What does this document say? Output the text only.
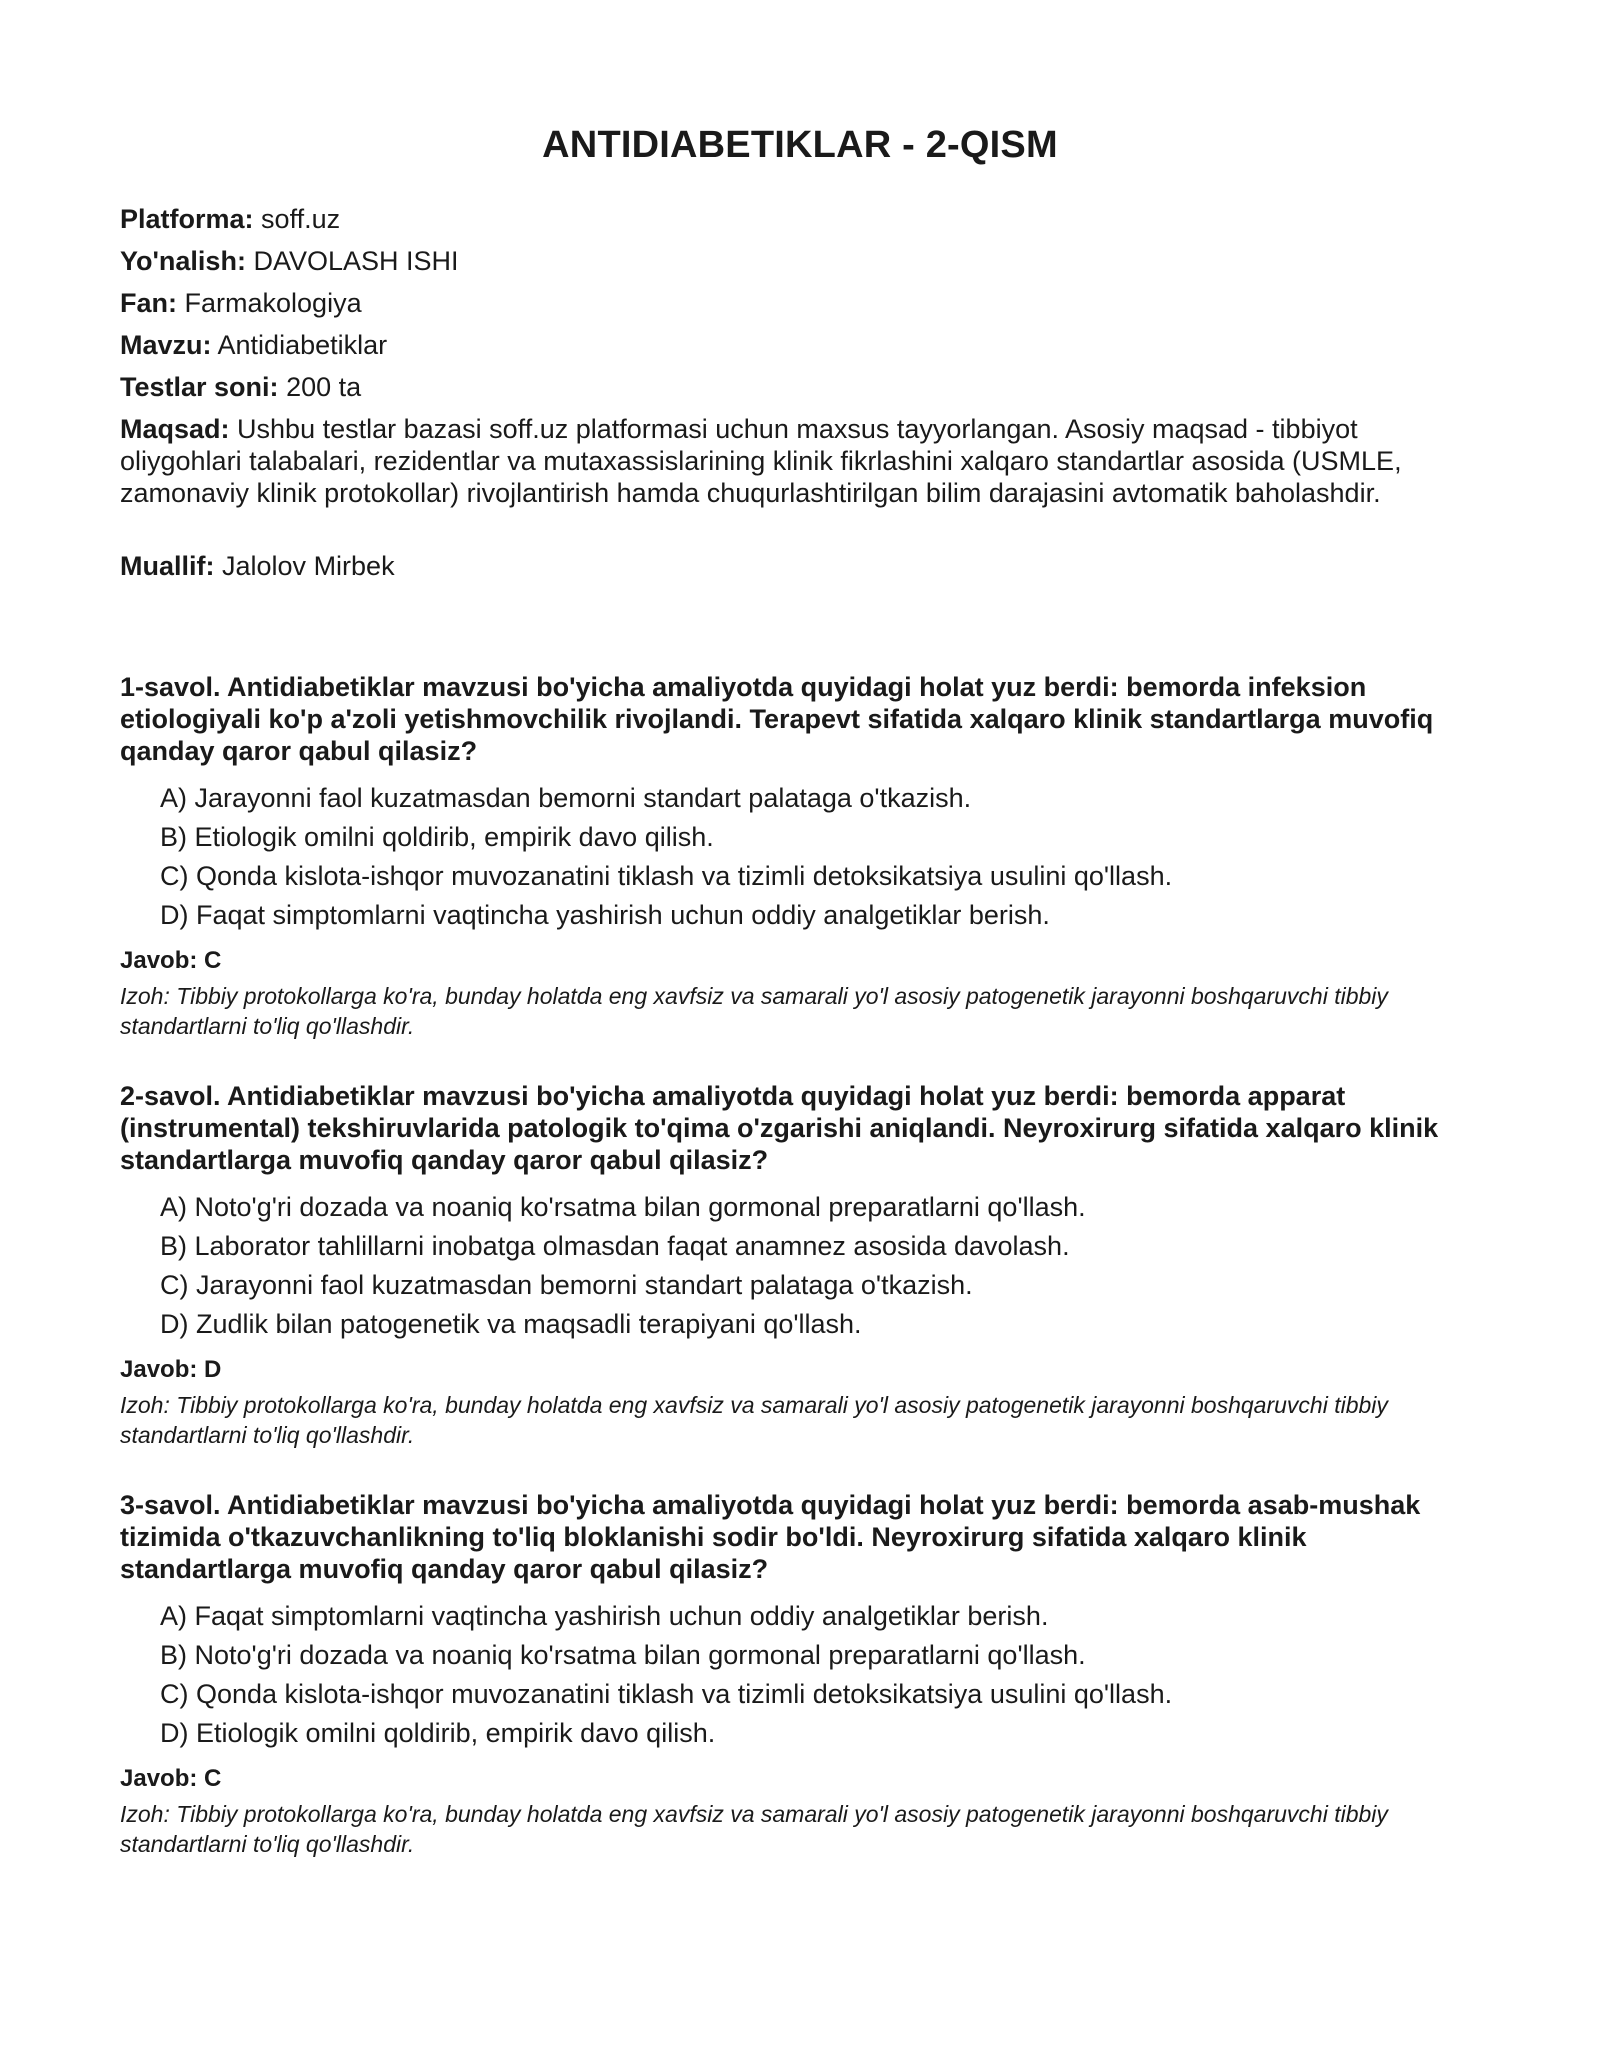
ANTIDIABETIKLAR - 2-QISM
Platforma: soff.uz
Yo'nalish: DAVOLASH ISHI
Fan: Farmakologiya
Mavzu: Antidiabetiklar
Testlar soni: 200 ta
Maqsad: Ushbu testlar bazasi soff.uz platformasi uchun maxsus tayyorlangan. Asosiy maqsad - tibbiyot oliygohlari talabalari, rezidentlar va mutaxassislarining klinik fikrlashini xalqaro standartlar asosida (USMLE, zamonaviy klinik protokollar) rivojlantirish hamda chuqurlashtirilgan bilim darajasini avtomatik baholashdir.
Muallif: Jalolov Mirbek
1-savol. Antidiabetiklar mavzusi bo'yicha amaliyotda quyidagi holat yuz berdi: bemorda infeksion etiologiyali ko'p a'zoli yetishmovchilik rivojlandi. Terapevt sifatida xalqaro klinik standartlarga muvofiq qanday qaror qabul qilasiz?
A) Jarayonni faol kuzatmasdan bemorni standart palataga o'tkazish.
B) Etiologik omilni qoldirib, empirik davo qilish.
C) Qonda kislota-ishqor muvozanatini tiklash va tizimli detoksikatsiya usulini qo'llash.
D) Faqat simptomlarni vaqtincha yashirish uchun oddiy analgetiklar berish.
Javob: C
Izoh: Tibbiy protokollarga ko'ra, bunday holatda eng xavfsiz va samarali yo'l asosiy patogenetik jarayonni boshqaruvchi tibbiy standartlarni to'liq qo'llashdir.
2-savol. Antidiabetiklar mavzusi bo'yicha amaliyotda quyidagi holat yuz berdi: bemorda apparat (instrumental) tekshiruvlarida patologik to'qima o'zgarishi aniqlandi. Neyroxirurg sifatida xalqaro klinik standartlarga muvofiq qanday qaror qabul qilasiz?
A) Noto'g'ri dozada va noaniq ko'rsatma bilan gormonal preparatlarni qo'llash.
B) Laborator tahlillarni inobatga olmasdan faqat anamnez asosida davolash.
C) Jarayonni faol kuzatmasdan bemorni standart palataga o'tkazish.
D) Zudlik bilan patogenetik va maqsadli terapiyani qo'llash.
Javob: D
Izoh: Tibbiy protokollarga ko'ra, bunday holatda eng xavfsiz va samarali yo'l asosiy patogenetik jarayonni boshqaruvchi tibbiy standartlarni to'liq qo'llashdir.
3-savol. Antidiabetiklar mavzusi bo'yicha amaliyotda quyidagi holat yuz berdi: bemorda asab-mushak tizimida o'tkazuvchanlikning to'liq bloklanishi sodir bo'ldi. Neyroxirurg sifatida xalqaro klinik standartlarga muvofiq qanday qaror qabul qilasiz?
A) Faqat simptomlarni vaqtincha yashirish uchun oddiy analgetiklar berish.
B) Noto'g'ri dozada va noaniq ko'rsatma bilan gormonal preparatlarni qo'llash.
C) Qonda kislota-ishqor muvozanatini tiklash va tizimli detoksikatsiya usulini qo'llash.
D) Etiologik omilni qoldirib, empirik davo qilish.
Javob: C
Izoh: Tibbiy protokollarga ko'ra, bunday holatda eng xavfsiz va samarali yo'l asosiy patogenetik jarayonni boshqaruvchi tibbiy standartlarni to'liq qo'llashdir.
